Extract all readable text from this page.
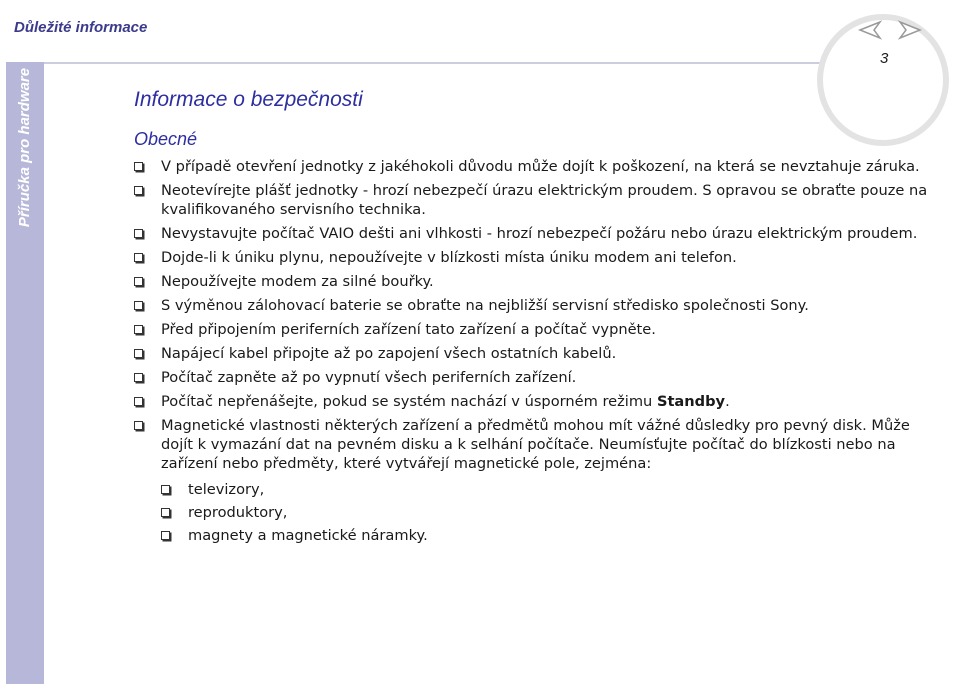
Důležité informace
Příručka pro hardware
3
Informace o bezpečnosti
Obecné
V případě otevření jednotky z jakéhokoli důvodu může dojít k poškození, na která se nevztahuje záruka.
Neotevírejte plášť jednotky - hrozí nebezpečí úrazu elektrickým proudem. S opravou se obraťte pouze na kvalifikovaného servisního technika.
Nevystavujte počítač VAIO dešti ani vlhkosti - hrozí nebezpečí požáru nebo úrazu elektrickým proudem.
Dojde-li k úniku plynu, nepoužívejte v blízkosti místa úniku modem ani telefon.
Nepoužívejte modem za silné bouřky.
S výměnou zálohovací baterie se obraťte na nejbližší servisní středisko společnosti Sony.
Před připojením periferních zařízení tato zařízení a počítač vypněte.
Napájecí kabel připojte až po zapojení všech ostatních kabelů.
Počítač zapněte až po vypnutí všech periferních zařízení.
Počítač nepřenášejte, pokud se systém nachází v úsporném režimu Standby.
Magnetické vlastnosti některých zařízení a předmětů mohou mít vážné důsledky pro pevný disk. Může dojít k vymazání dat na pevném disku a k selhání počítače. Neumísťujte počítač do blízkosti nebo na zařízení nebo předměty, které vytvářejí magnetické pole, zejména:
televizory,
reproduktory,
magnety a magnetické náramky.
